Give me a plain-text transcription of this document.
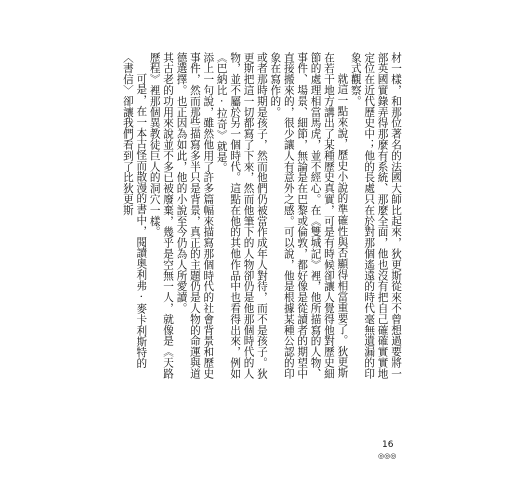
材一樣，和那位著名的法國大師比起來，狄更斯從來不曾想過要將一部英國實錄弄得那麼有系統、那麼全面，他也沒有把自己確確實實地定位在近代歷史中；他的長處只在於對那個遙遠的時代毫無遺漏的印象式觀察。

就這一點來說，歷史小說的準確性與否顯得相當重要了。狄更斯在若干地方講出了某種歷史真實，可是有時候卻讓人覺得他對歷史細節的處理相當馬虎，並不經心。在《雙城記》裡，他所描寫的人物、事件、場景、細節，無論是在巴黎或倫敦，都好像是從讀者的期望中直接搬來的，很少讓人有意外之感。可以說，他是根據某種公認的印象在寫作的。

或者那時期是孩子，然而他們仍被當作成年人對待，而不是孩子。狄更斯把這一切都寫了下來，然而他筆下的人物卻仍是他那個時代的人物，並不屬於另一個時代。這點在他的其他作品中也看得出來，例如《巴納比·拉奇》就是。

添上一句說，雖然他用了許多篇幅來描寫那個時代的社會背景和歷史事件，然而那些描寫多半只是背景，真正的主題仍是人物的命運與道德選擇。也正因為如此，他的小說至今仍為人所愛讀。

其古老的功用來說並不多已被廢棄，幾乎是空無一人，就像是《天路歷程》裡那個異教徒巨人的洞穴一樣。

可是，在一本古怪而散漫的書中，閱讀奧利弗·麥卡利斯特的〈書信〉卻讓我們看到了比狄更斯

16
◎◎◎
